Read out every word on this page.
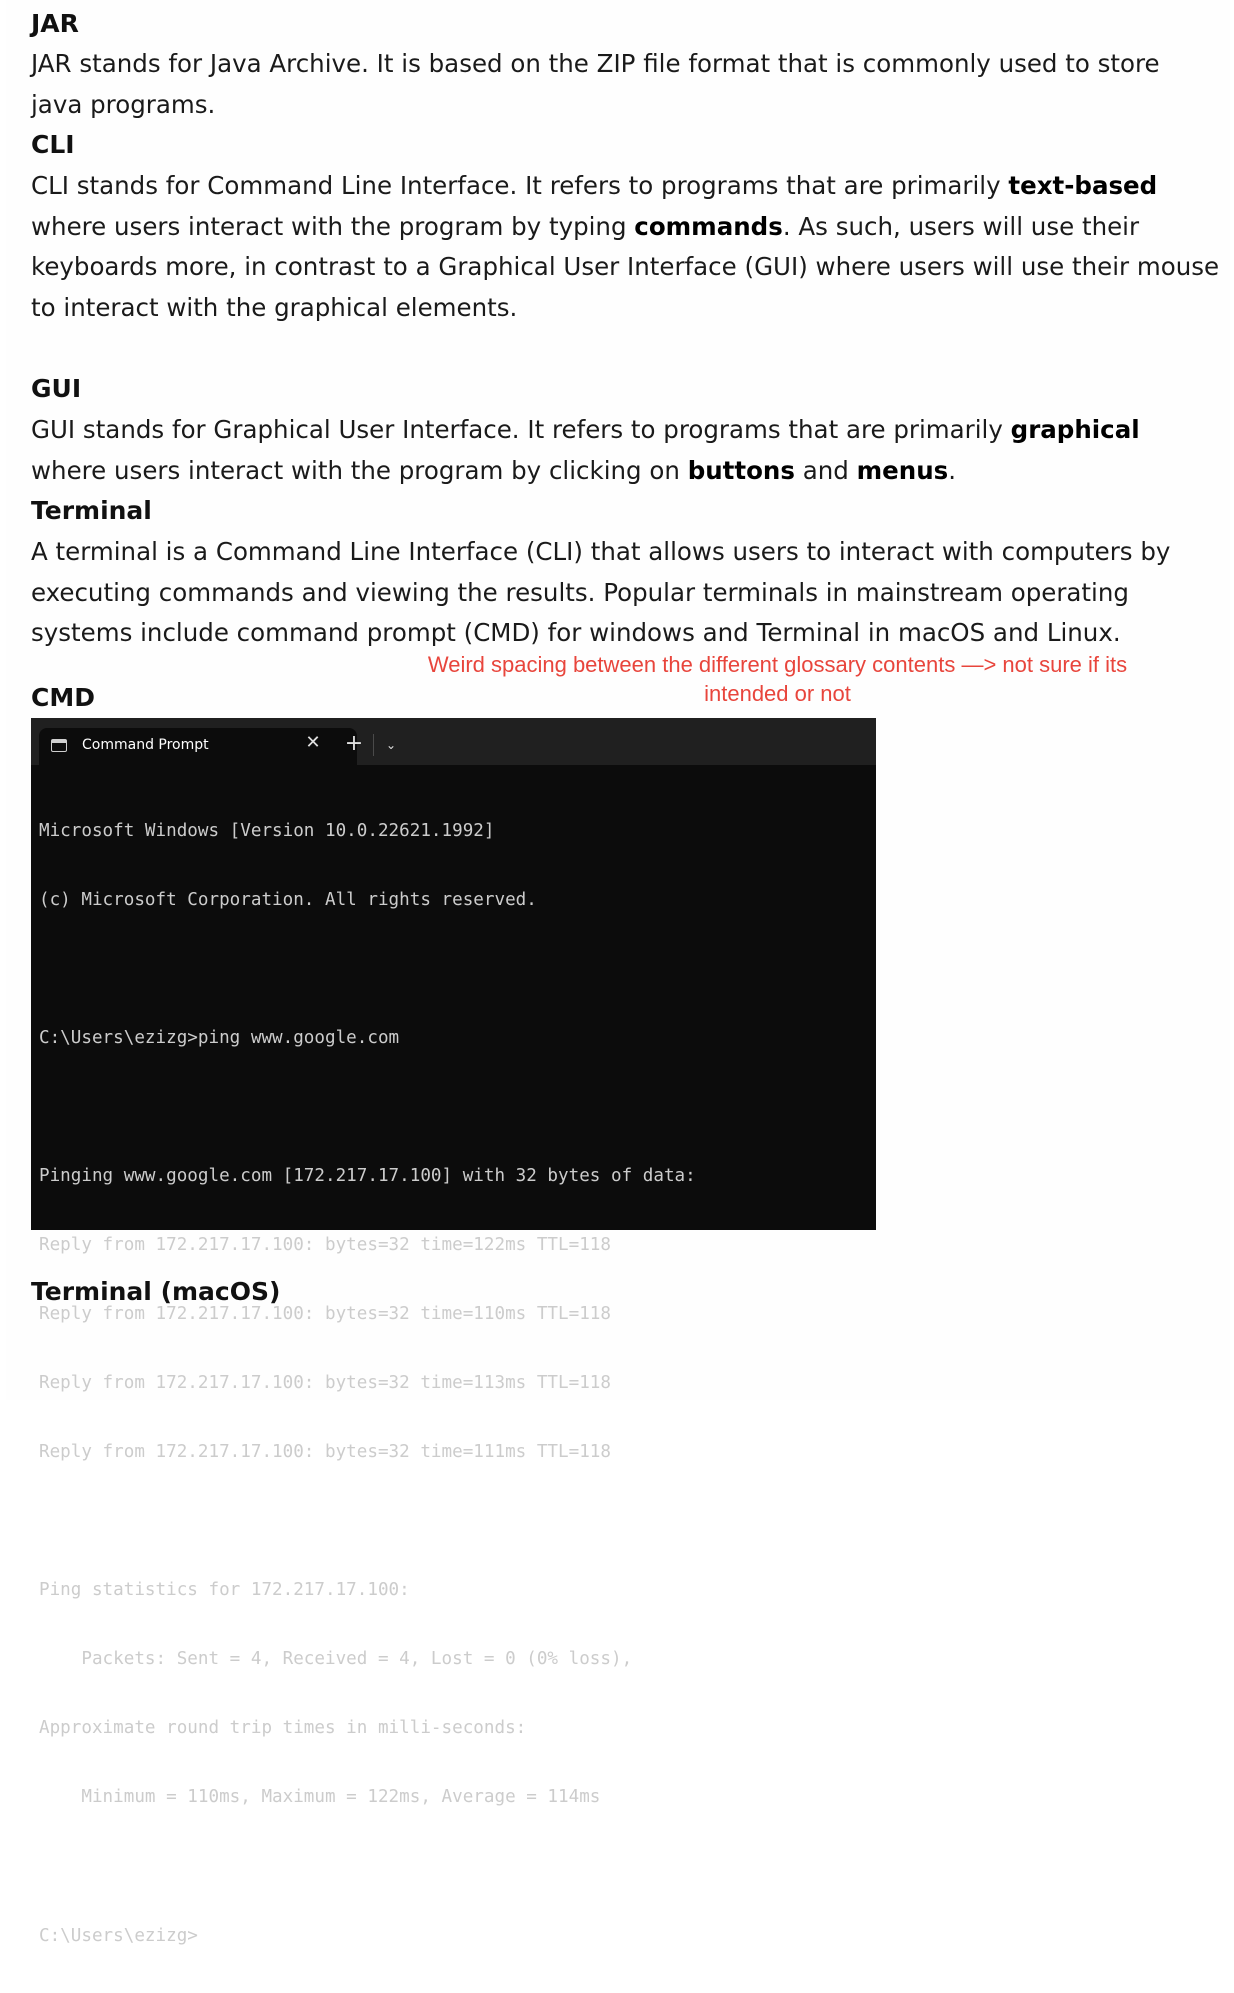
JAR

JAR stands for Java Archive. It is based on the ZIP file format that is commonly used to store java programs.

CLI

CLI stands for Command Line Interface. It refers to programs that are primarily text-based where users interact with the program by typing commands. As such, users will use their keyboards more, in contrast to a Graphical User Interface (GUI) where users will use their mouse to interact with the graphical elements.

GUI

GUI stands for Graphical User Interface. It refers to programs that are primarily graphical where users interact with the program by clicking on buttons and menus.

Terminal

A terminal is a Command Line Interface (CLI) that allows users to interact with computers by executing commands and viewing the results. Popular terminals in mainstream operating systems include command prompt (CMD) for windows and Terminal in macOS and Linux.

CMD
Terminal (macOS)
Weird spacing between the different glossary contents —> not sure if its intended or not
Command Prompt	✕ +	⌄

Microsoft Windows [Version 10.0.22621.1992]

(c) Microsoft Corporation. All rights reserved.

C:\Users\ezizg>ping www.google.com

Pinging www.google.com [172.217.17.100] with 32 bytes of data:

Reply from 172.217.17.100: bytes=32 time=122ms TTL=118

Reply from 172.217.17.100: bytes=32 time=110ms TTL=118

Reply from 172.217.17.100: bytes=32 time=113ms TTL=118

Reply from 172.217.17.100: bytes=32 time=111ms TTL=118

Ping statistics for 172.217.17.100:

Packets: Sent = 4, Received = 4, Lost = 0 (0% loss),

Approximate round trip times in milli-seconds:

Minimum = 110ms, Maximum = 122ms, Average = 114ms

C:\Users\ezizg>
